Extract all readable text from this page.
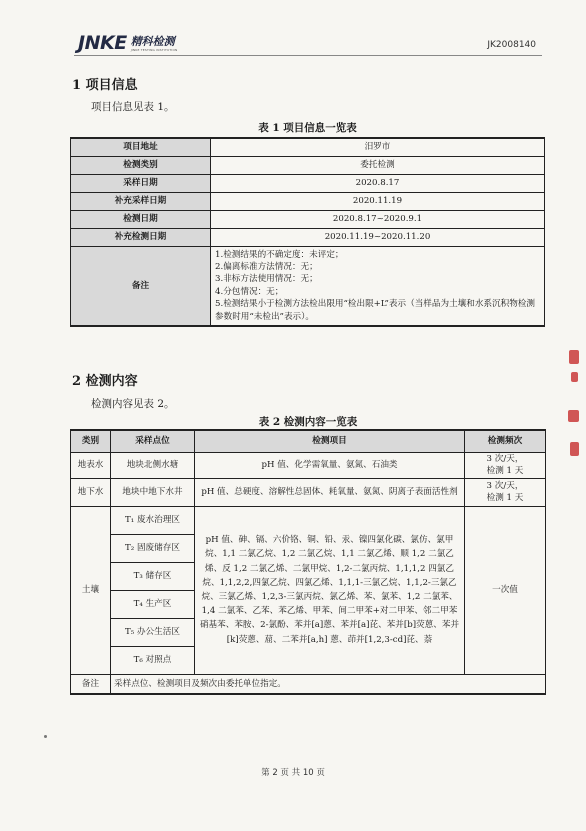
JNKE 精科检测
JINKE TESTING INSTITUTION	JK2008140
1 项目信息
项目信息见表 1。
表 1 项目信息一览表
项目地址	汨罗市
检测类别	委托检测
采样日期	2020.8.17
补充采样日期	2020.11.19
检测日期	2020.8.17~2020.9.1
补充检测日期	2020.11.19~2020.11.20
备注	1.检测结果的不确定度：未评定；
2.偏离标准方法情况：无；
3.非标方法使用情况：无；
4.分包情况：无；
5.检测结果小于检测方法检出限用“检出限+L”表示（当样品为土壤和水系沉积物检测参数时用“未检出”表示）。
2 检测内容
检测内容见表 2。
表 2 检测内容一览表
类别	采样点位	检测项目	检测频次
地表水	地块北侧水塘	pH 值、化学需氧量、氨氮、石油类	3 次/天，
检测 1 天

地下水	地块中地下水井	pH 值、总硬度、溶解性总固体、耗氧量、氨氮、阴离子表面活性剂	3 次/天，
检测 1 天

土壤	T₁ 废水治理区	pH 值、砷、镉、六价铬、铜、铅、汞、镍四氯化碳、氯仿、氯甲烷、1,1 二氯乙烷、1,2 二氯乙烷、1,1 二氯乙烯、顺 1,2 二氯乙烯、反 1,2 二氯乙烯、二氯甲烷、1,2-二氯丙烷、1,1,1,2 四氯乙烷、1,1,2,2,四氯乙烷、四氯乙烯、1,1,1-三氯乙烷、1,1,2-三氯乙烷、三氯乙烯、1,2,3-三氯丙烷、氯乙烯、苯、氯苯、1,2 二氯苯、1,4 二氯苯、乙苯、苯乙烯、甲苯、间二甲苯+对二甲苯、邻二甲苯硝基苯、苯胺、2-氯酚、苯并[a]蒽、苯并[a]芘、苯并[b]荧蒽、苯并[k]荧蒽、䓛、二苯并[a,h] 蒽、茚并[1,2,3-cd]芘、萘	一次值
	T₂ 固废储存区		
	T₃ 储存区		
	T₄ 生产区		
	T₅ 办公生活区		
	T₆ 对照点		
备注	采样点位、检测项目及频次由委托单位指定。		
第 2 页 共 10 页
